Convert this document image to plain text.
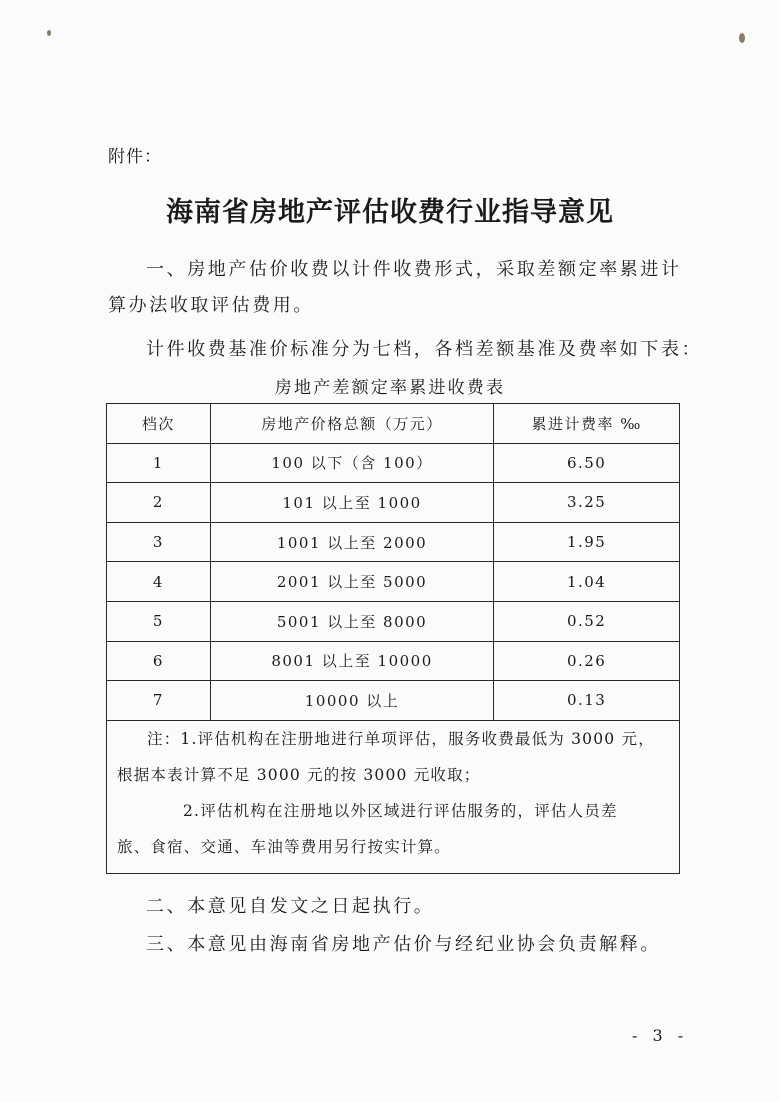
附件：
海南省房地产评估收费行业指导意见
一、房地产估价收费以计件收费形式，采取差额定率累进计
算办法收取评估费用。
计件收费基准价标准分为七档，各档差额基准及费率如下表：
房地产差额定率累进收费表
档次	房地产价格总额（万元）	累进计费率 ‰
1	100 以下（含 100）	6.50
2	101 以上至 1000	3.25
3	1001 以上至 2000	1.95
4	2001 以上至 5000	1.04
5	5001 以上至 8000	0.52
6	8001 以上至 10000	0.26
7	10000 以上	0.13

注：1.评估机构在注册地进行单项评估，服务收费最低为 3000 元，
根据本表计算不足 3000 元的按 3000 元收取；
2.评估机构在注册地以外区域进行评估服务的，评估人员差
旅、食宿、交通、车油等费用另行按实计算。		
二、本意见自发文之日起执行。
三、本意见由海南省房地产估价与经纪业协会负责解释。
- 3 -
